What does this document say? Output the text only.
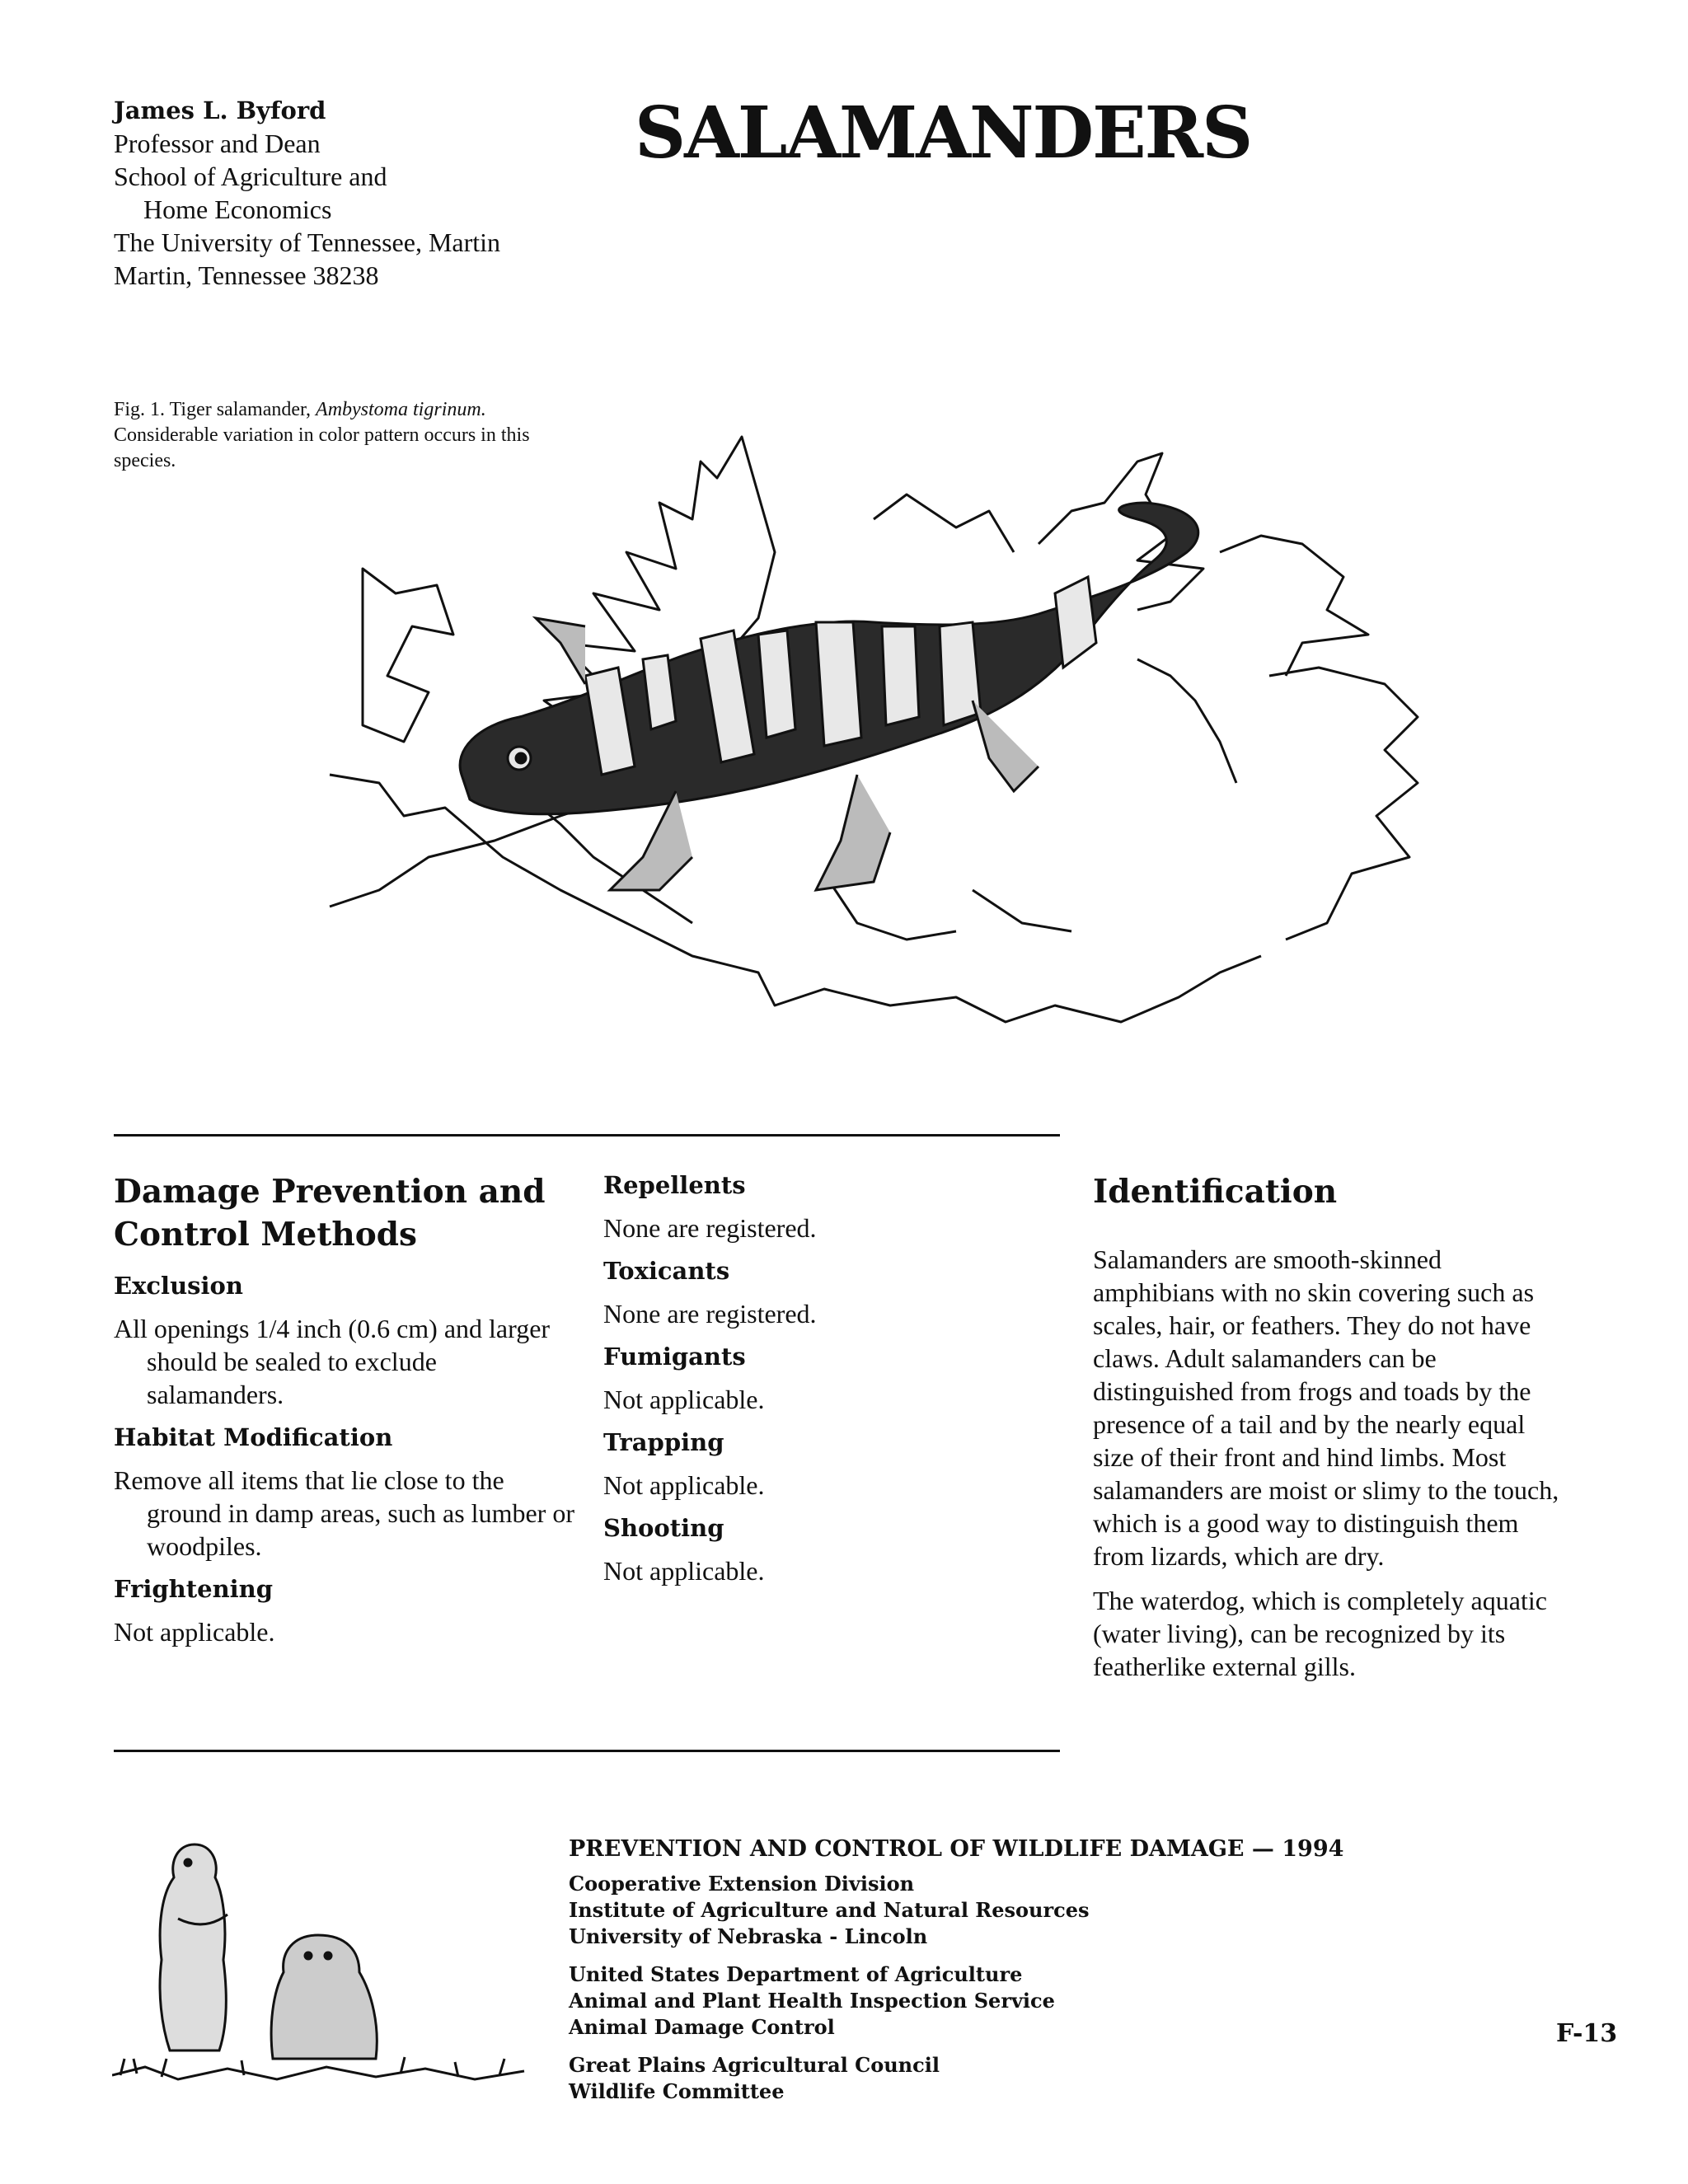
James L. Byford
Professor and Dean
School of Agriculture and
Home Economics
The University of Tennessee, Martin
Martin, Tennessee 38238
SALAMANDERS
Fig. 1. Tiger salamander, Ambystoma tigrinum. Considerable variation in color pattern occurs in this species.
Damage Prevention and Control Methods
Exclusion

All openings 1/4 inch (0.6 cm) and larger should be sealed to exclude salamanders.

Habitat Modification

Remove all items that lie close to the ground in damp areas, such as lumber or woodpiles.

Frightening

Not applicable.

Repellents

None are registered.

Toxicants

None are registered.

Fumigants

Not applicable.

Trapping

Not applicable.

Shooting

Not applicable.

Identification

Salamanders are smooth-skinned amphibians with no skin covering such as scales, hair, or feathers. They do not have claws. Adult salamanders can be distinguished from frogs and toads by the presence of a tail and by the nearly equal size of their front and hind limbs. Most salamanders are moist or slimy to the touch, which is a good way to distinguish them from lizards, which are dry.

The waterdog, which is completely aquatic (water living), can be recognized by its featherlike external gills.

PREVENTION AND CONTROL OF WILDLIFE DAMAGE — 1994
Cooperative Extension Division
Institute of Agriculture and Natural Resources
University of Nebraska - Lincoln
United States Department of Agriculture
Animal and Plant Health Inspection Service
Animal Damage Control
Great Plains Agricultural Council
Wildlife Committee
F-13
